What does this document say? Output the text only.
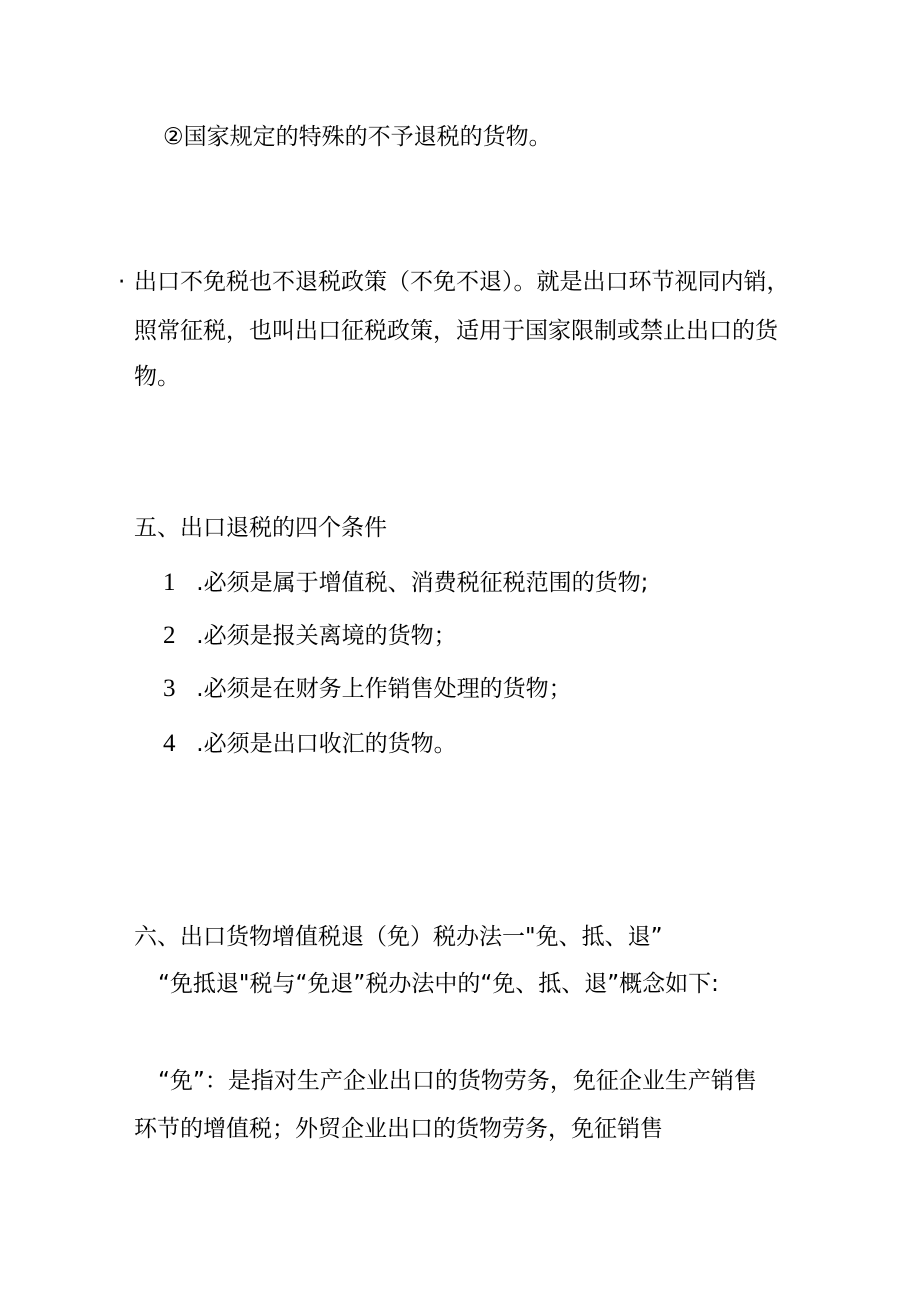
②国家规定的特殊的不予退税的货物。
· 出口不免税也不退税政策（不免不退）。就是出口环节视同内销，
照常征税，也叫出口征税政策，适用于国家限制或禁止出口的货
物。
五、出口退税的四个条件
1 .必须是属于增值税、消费税征税范围的货物;
2 .必须是报关离境的货物；
3 .必须是在财务上作销售处理的货物；
4 .必须是出口收汇的货物。
六、出口货物增值税退（免）税办法一"免、抵、退”
“免抵退"税与“免退”税办法中的“免、抵、退”概念如下:
“免”：是指对生产企业出口的货物劳务，免征企业生产销售
环节的增值税；外贸企业出口的货物劳务，免征销售
